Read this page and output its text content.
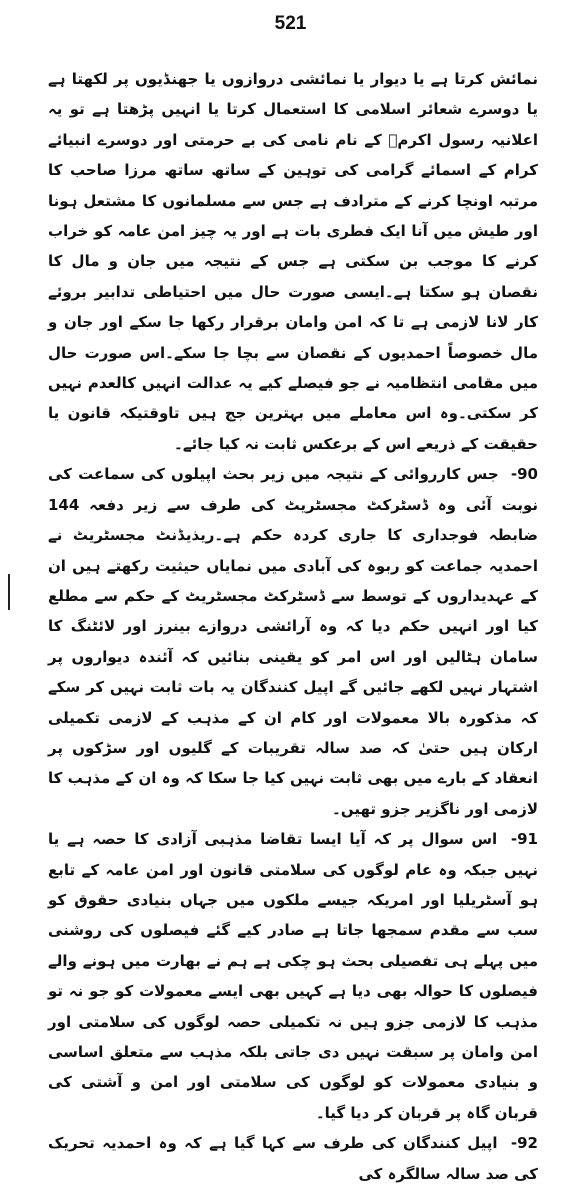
521

نمائش کرتا ہے یا دیوار یا نمائشی دروازوں یا جھنڈیوں پر لکھتا ہے یا دوسرے شعائر اسلامی کا استعمال کرتا یا انہیں پڑھتا ہے تو یہ اعلانیہ رسول اکرمؐ کے نام نامی کی بے حرمتی اور دوسرے انبیائے کرام کے اسمائے گرامی کی توہین کے ساتھ ساتھ مرزا صاحب کا مرتبہ اونچا کرنے کے مترادف ہے جس سے مسلمانوں کا مشتعل ہونا اور طیش میں آنا ایک فطری بات ہے اور یہ چیز امن عامہ کو خراب کرنے کا موجب بن سکتی ہے جس کے نتیجہ میں جان و مال کا نقصان ہو سکتا ہے۔ایسی صورت حال میں احتیاطی تدابیر بروئے کار لانا لازمی ہے تا کہ امن وامان برقرار رکھا جا سکے اور جان و مال خصوصاً احمدیوں کے نقصان سے بچا جا سکے۔اس صورت حال میں مقامی انتظامیہ نے جو فیصلے کیے یہ عدالت انہیں کالعدم نہیں کر سکتی۔وہ اس معاملے میں بہترین جج ہیں تاوقتیکہ قانون یا حقیقت کے ذریعے اس کے برعکس ثابت نہ کیا جائے۔

90- جس کارروائی کے نتیجہ میں زیر بحث اپیلوں کی سماعت کی نوبت آئی وہ ڈسٹرکٹ مجسٹریٹ کی طرف سے زیر دفعہ 144 ضابطہ فوجداری کا جاری کردہ حکم ہے۔ریذیڈنٹ مجسٹریٹ نے احمدیہ جماعت کو ربوہ کی آبادی میں نمایاں حیثیت رکھتے ہیں ان کے عہدیداروں کے توسط سے ڈسٹرکٹ مجسٹریٹ کے حکم سے مطلع کیا اور انہیں حکم دیا کہ وہ آرائشی دروازے بینرز اور لائٹنگ کا سامان ہٹالیں اور اس امر کو یقینی بنائیں کہ آئندہ دیواروں پر اشتہار نہیں لکھے جائیں گے اپیل کنندگان یہ بات ثابت نہیں کر سکے کہ مذکورہ بالا معمولات اور کام ان کے مذہب کے لازمی تکمیلی ارکان ہیں حتیٰ کہ صد سالہ تقریبات کے گلیوں اور سڑکوں پر انعقاد کے بارے میں بھی ثابت نہیں کیا جا سکا کہ وہ ان کے مذہب کا لازمی اور ناگزیر جزو تھیں۔

91- اس سوال پر کہ آیا ایسا تقاضا مذہبی آزادی کا حصہ ہے یا نہیں جبکہ وہ عام لوگوں کی سلامتی قانون اور امن عامہ کے تابع ہو آسٹریلیا اور امریکہ جیسے ملکوں میں جہاں بنیادی حقوق کو سب سے مقدم سمجھا جاتا ہے صادر کیے گئے فیصلوں کی روشنی میں پہلے ہی تفصیلی بحث ہو چکی ہے ہم نے بھارت میں ہونے والے فیصلوں کا حوالہ بھی دیا ہے کہیں بھی ایسے معمولات کو جو نہ تو مذہب کا لازمی جزو ہیں نہ تکمیلی حصہ لوگوں کی سلامتی اور امن وامان پر سبقت نہیں دی جاتی بلکہ مذہب سے متعلق اساسی و بنیادی معمولات کو لوگوں کی سلامتی اور امن و آشتی کی قربان گاہ پر قربان کر دیا گیا۔

92- اپیل کنندگان کی طرف سے کہا گیا ہے کہ وہ احمدیہ تحریک کی صد سالہ سالگرہ کی
